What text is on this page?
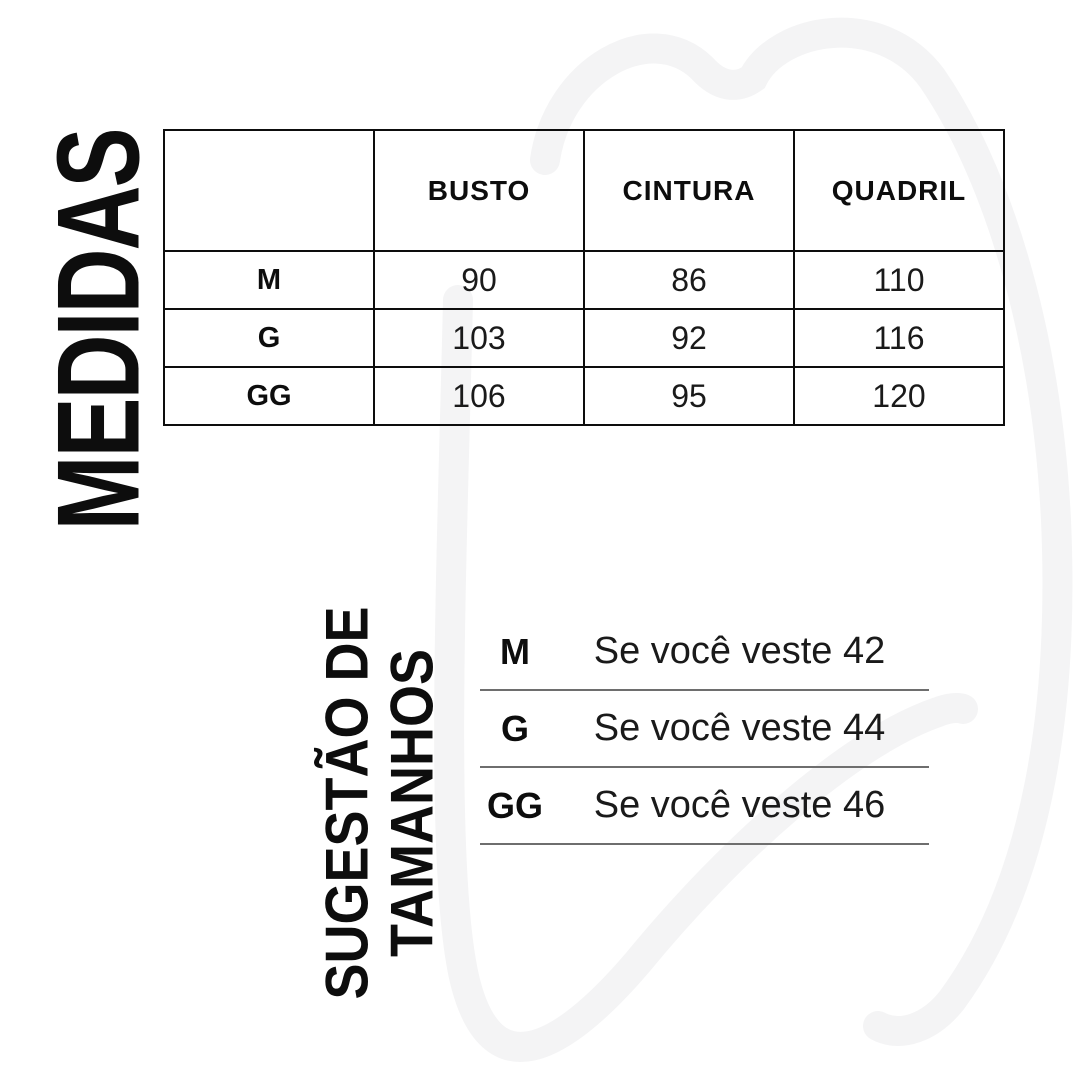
MEDIDAS
		BUSTO	CINTURA	QUADRIL
M	90	86	110
G	103	92	116
GG	106	95	120
SUGESTÃO DE
TAMANHOS	M	Se você veste 42
G	Se você veste 44
GG	Se você veste 46
